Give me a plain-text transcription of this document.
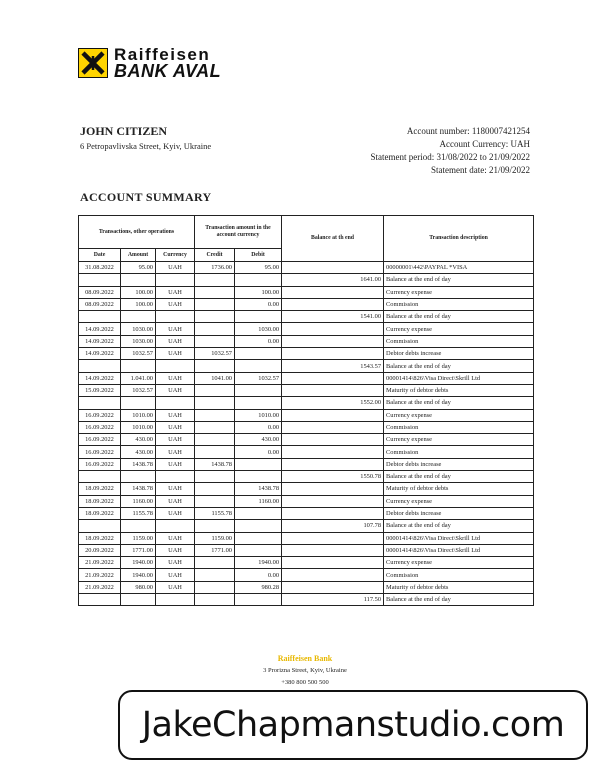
Raiffeisen
BANK AVAL
JOHN CITIZEN
6 Petropavlivska Street, Kyiv, Ukraine
Account number: 1180007421254
Account Currency: UAH
Statement period: 31/08/2022 to 21/09/2022
Statement date: 21/09/2022
ACCOUNT SUMMARY
Transactions, other operations			Transaction amount in the account currency		Balance at th end	Transaction description
Date	Amount	Currency	Credit	Debit		
31.08.2022	95.00	UAH	1736.00	95.00		00000001\442\PAYPAL *VISA
					1641.00	Balance at the end of day
08.09.2022	100.00	UAH		100.00		Currency expense
08.09.2022	100.00	UAH		0.00		Commission
					1541.00	Balance at the end of day
14.09.2022	1030.00	UAH		1030.00		Currency expense
14.09.2022	1030.00	UAH		0.00		Commission
14.09.2022	1032.57	UAH	1032.57			Debtor debts increase
					1543.57	Balance at the end of day
14.09.2022	1.041.00	UAH	1041.00	1032.57		00001414\826\Visa Direct\Skrill Ltd
15.09.2022	1032.57	UAH				Maturity of debtor debts
					1552.00	Balance at the end of day
16.09.2022	1010.00	UAH		1010.00		Currency expense
16.09.2022	1010.00	UAH		0.00		Commission
16.09.2022	430.00	UAH		430.00		Currency expense
16.09.2022	430.00	UAH		0.00		Commission
16.09.2022	1438.78	UAH	1438.78			Debtor debts increase
					1550.78	Balance at the end of day
18.09.2022	1438.78	UAH		1438.78		Maturity of debtor debts
18.09.2022	1160.00	UAH		1160.00		Currency expense
18.09.2022	1155.78	UAH	1155.78			Debtor debts increase
					107.78	Balance at the end of day
18.09.2022	1159.00	UAH	1159.00			00001414\826\Visa Direct\Skrill Ltd
20.09.2022	1771.00	UAH	1771.00			00001414\826\Visa Direct\Skrill Ltd
21.09.2022	1940.00	UAH		1940.00		Currency expense
21.09.2022	1940.00	UAH		0.00		Commission
21.09.2022	980.00	UAH		980.28		Maturity of debtor debts
					117.50	Balance at the end of day
Raiffeisen Bank
3 Prorizna Street, Kyiv, Ukraine
+380 800 500 500
JakeChapmanstudio.com
